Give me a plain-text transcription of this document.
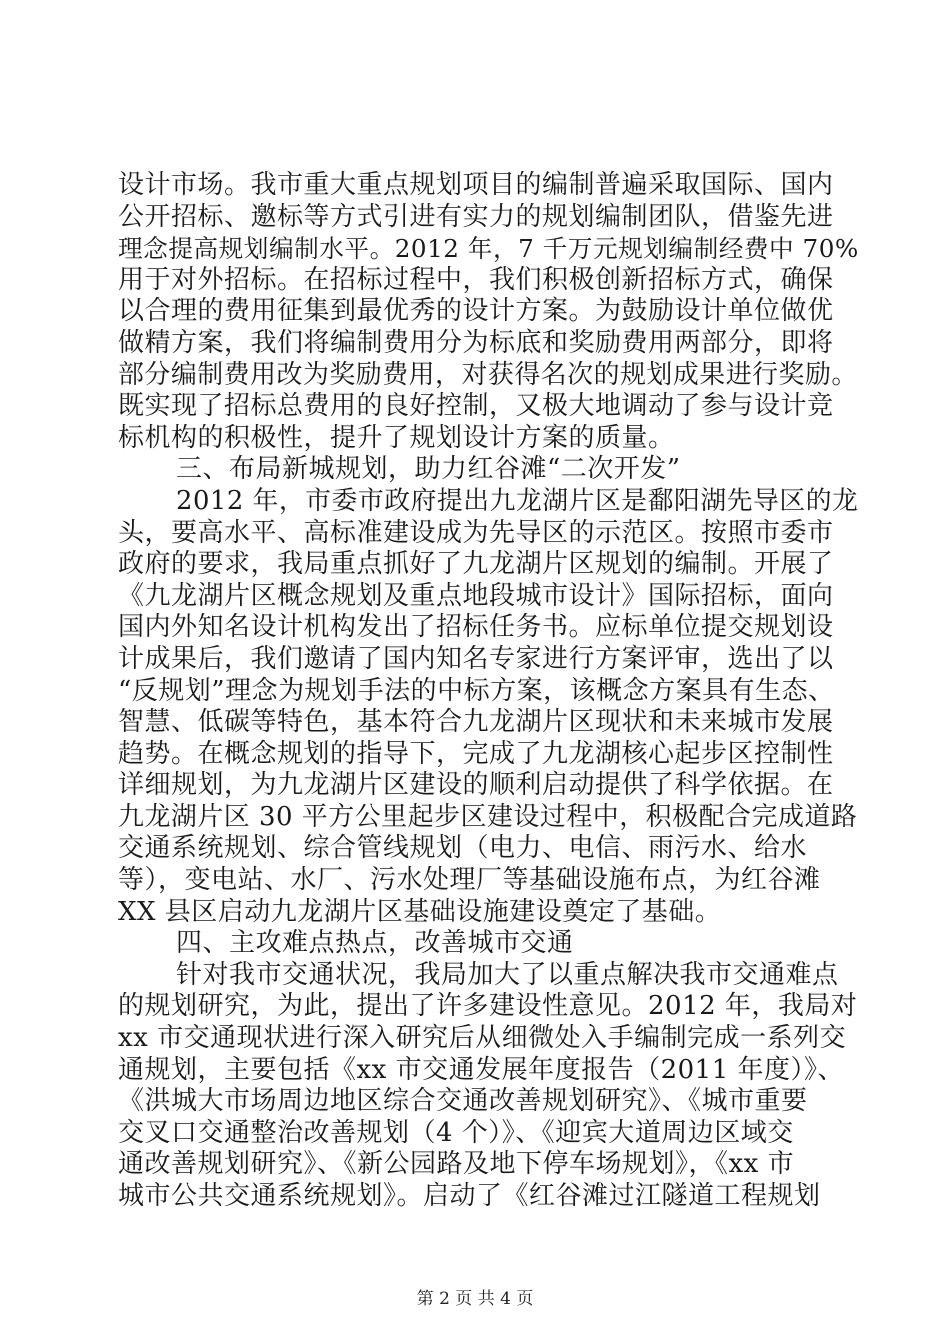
设计市场。我市重大重点规划项目的编制普遍采取国际、国内
公开招标、邀标等方式引进有实力的规划编制团队，借鉴先进
理念提高规划编制水平。2012 年，7 千万元规划编制经费中 70%
用于对外招标。在招标过程中，我们积极创新招标方式，确保
以合理的费用征集到最优秀的设计方案。为鼓励设计单位做优
做精方案，我们将编制费用分为标底和奖励费用两部分，即将
部分编制费用改为奖励费用，对获得名次的规划成果进行奖励。
既实现了招标总费用的良好控制，又极大地调动了参与设计竞
标机构的积极性，提升了规划设计方案的质量。
三、布局新城规划，助力红谷滩“二次开发”
2012 年，市委市政府提出九龙湖片区是鄱阳湖先导区的龙
头，要高水平、高标准建设成为先导区的示范区。按照市委市
政府的要求，我局重点抓好了九龙湖片区规划的编制。开展了
《九龙湖片区概念规划及重点地段城市设计》国际招标，面向
国内外知名设计机构发出了招标任务书。应标单位提交规划设
计成果后，我们邀请了国内知名专家进行方案评审，选出了以
“反规划”理念为规划手法的中标方案，该概念方案具有生态、
智慧、低碳等特色，基本符合九龙湖片区现状和未来城市发展
趋势。在概念规划的指导下，完成了九龙湖核心起步区控制性
详细规划，为九龙湖片区建设的顺利启动提供了科学依据。在
九龙湖片区 30 平方公里起步区建设过程中，积极配合完成道路
交通系统规划、综合管线规划（电力、电信、雨污水、给水
等），变电站、水厂、污水处理厂等基础设施布点，为红谷滩
XX 县区启动九龙湖片区基础设施建设奠定了基础。
四、主攻难点热点，改善城市交通
针对我市交通状况，我局加大了以重点解决我市交通难点
的规划研究，为此，提出了许多建设性意见。2012 年，我局对
xx 市交通现状进行深入研究后从细微处入手编制完成一系列交
通规划，主要包括《xx 市交通发展年度报告（2011 年度）》、
《洪城大市场周边地区综合交通改善规划研究》、《城市重要
交叉口交通整治改善规划（4 个）》、《迎宾大道周边区域交
通改善规划研究》、《新公园路及地下停车场规划》，《xx 市
城市公共交通系统规划》。启动了《红谷滩过江隧道工程规划
第 2 页 共 4 页
